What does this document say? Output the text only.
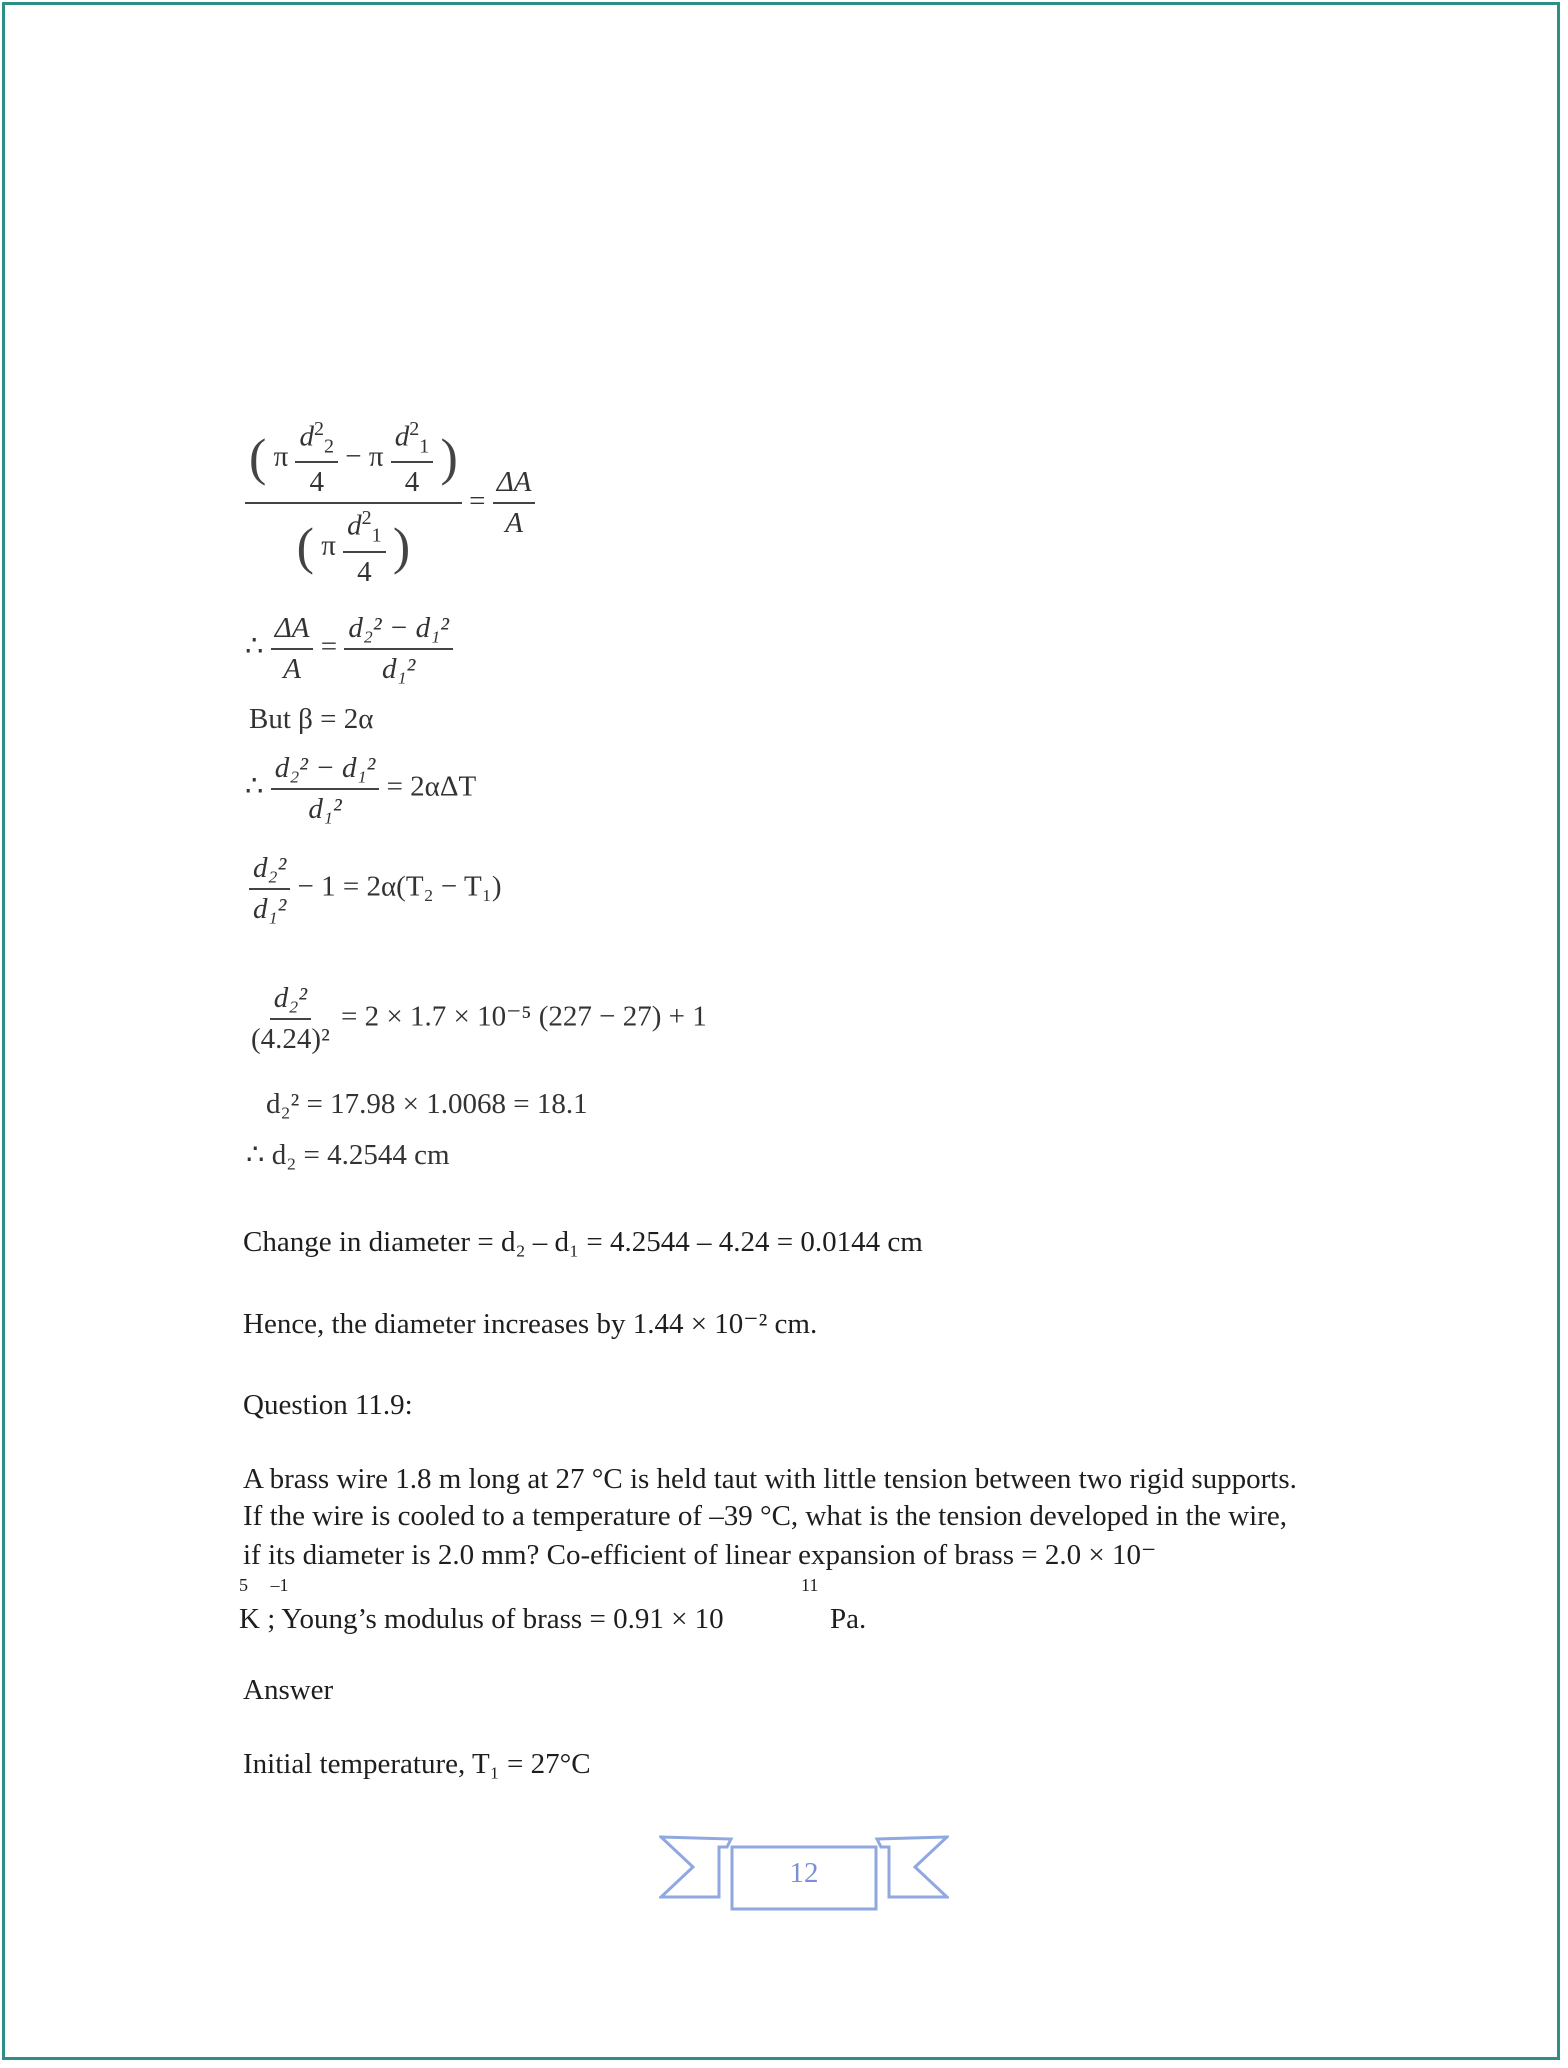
$\frac{( \pi \frac{d^2_2}{4} - \pi \frac{d^2_1}{4} )}{( \pi \frac{d^2_1}{4} )} = \frac{\Delta A}{A}$
∴ $\frac{\Delta A}{A} = \frac{\text{d₂² − d₁²}}{\text{d₁²}}$
But β = 2α
∴ $\frac{\text{d₂² − d₁²}}{\text{d₁²}} = 2\alpha\Delta T$
$\frac{\text{d₂²}}{\text{d₁²}} - 1 = 2\alpha(T_2 - T_1)$
$\frac{\text{d₂²}}{\text{(4.24)²}} = 2 \times 1.7 \times 10^{-5}$ (227 − 27) + 1
d₂² = 17.98 × 1.0068 = 18.1
∴ d₂ = 4.2544 cm
Change in diameter = d₂ – d₁ = 4.2544 – 4.24 = 0.0144 cm
Hence, the diameter increases by 1.44 × 10⁻² cm.
Question 11.9:
A brass wire 1.8 m long at 27 °C is held taut with little tension between two rigid supports.
If the wire is cooled to a temperature of –39 °C, what is the tension developed in the wire,
if its diameter is 2.0 mm? Co-efficient of linear expansion of brass = 2.0 × 10⁻
5     –1	11
K ; Young’s modulus of brass = 0.91 × 10	Pa.
Answer
Initial temperature, T₁ = 27°C
12
